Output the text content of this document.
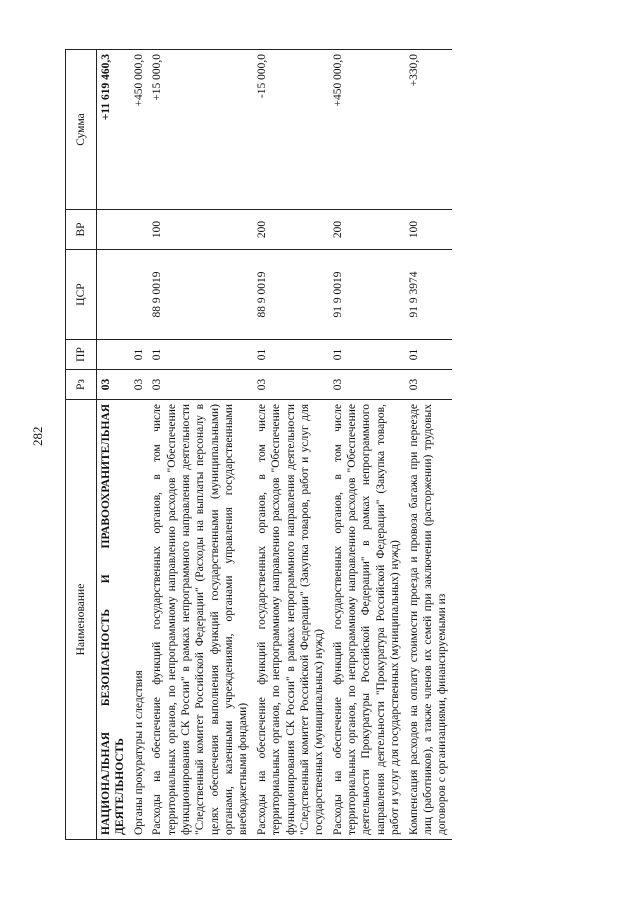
282
Наименование	Рз	ПР	ЦСР	ВР	Сумма
НАЦИОНАЛЬНАЯ БЕЗОПАСНОСТЬ И ПРАВООХРАНИТЕЛЬНАЯ ДЕЯТЕЛЬНОСТЬ	03				+11 619 460,3
Органы прокуратуры и следствия	03	01			+450 000,0
Расходы на обеспечение функций государственных органов, в том числе территориальных органов, по непрограммному направлению расходов "Обеспечение функционирования СК России" в рамках непрограммного направления деятельности "Следственный комитет Российской Федерации" (Расходы на выплаты персоналу в целях обеспечения выполнения функций государственными (муниципальными) органами, казенными учреждениями, органами управления государственными внебюджетными фондами)	03	01	88 9 0019	100	+15 000,0
Расходы на обеспечение функций государственных органов, в том числе территориальных органов, по непрограммному направлению расходов "Обеспечение функционирования СК России" в рамках непрограммного направления деятельности "Следственный комитет Российской Федерации" (Закупка товаров, работ и услуг для государственных (муниципальных) нужд)	03	01	88 9 0019	200	-15 000,0
Расходы на обеспечение функций государственных органов, в том числе территориальных органов, по непрограммному направлению расходов "Обеспечение деятельности Прокуратуры Российской Федерации" в рамках непрограммного направления деятельности "Прокуратура Российской Федерации" (Закупка товаров, работ и услуг для государственных (муниципальных) нужд)	03	01	91 9 0019	200	+450 000,0
Компенсация расходов на оплату стоимости проезда и провоза багажа при переезде лиц (работников), а также членов их семей при заключении (расторжении) трудовых договоров с организациями, финансируемыми из	03	01	91 9 3974	100	+330,0
